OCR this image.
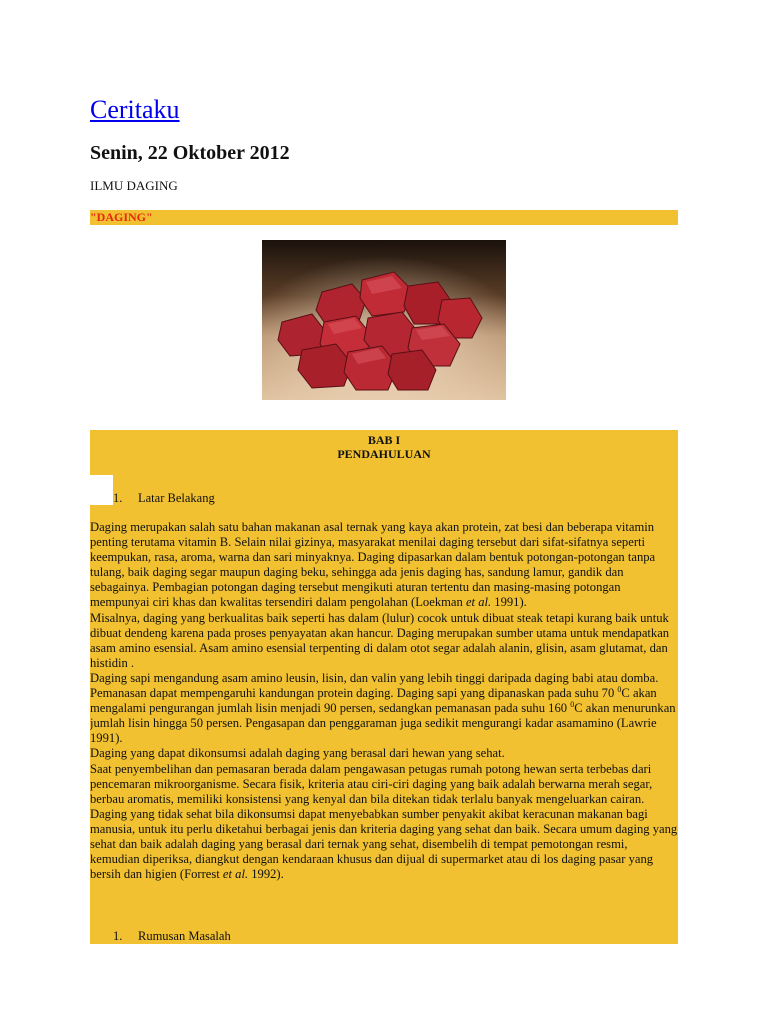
Ceritaku
Senin, 22 Oktober 2012
ILMU DAGING
"DAGING"
BAB I
PENDAHULUAN
1. Latar Belakang

Daging merupakan salah satu bahan makanan asal ternak yang kaya akan protein, zat besi dan beberapa vitamin penting terutama vitamin B. Selain nilai gizinya, masyarakat menilai daging tersebut dari sifat-sifatnya seperti keempukan, rasa, aroma, warna dan sari minyaknya. Daging dipasarkan dalam bentuk potongan-potongan tanpa tulang, baik daging segar maupun daging beku, sehingga ada jenis daging has, sandung lamur, gandik dan sebagainya. Pembagian potongan daging tersebut mengikuti aturan tertentu dan masing-masing potongan mempunyai ciri khas dan kwalitas tersendiri dalam pengolahan (Loekman et al. 1991).

Misalnya, daging yang berkualitas baik seperti has dalam (lulur) cocok untuk dibuat steak tetapi kurang baik untuk dibuat dendeng karena pada proses penyayatan akan hancur. Daging merupakan sumber utama untuk mendapatkan asam amino esensial. Asam amino esensial terpenting di dalam otot segar adalah alanin, glisin, asam glutamat, dan histidin .

Daging sapi mengandung asam amino leusin, lisin, dan valin yang lebih tinggi daripada daging babi atau domba. Pemanasan dapat mempengaruhi kandungan protein daging. Daging sapi yang dipanaskan pada suhu 70 $^0$C akan mengalami pengurangan jumlah lisin menjadi 90 persen, sedangkan pemanasan pada suhu 160 $^0$C akan menurunkan jumlah lisin hingga 50 persen. Pengasapan dan penggaraman juga sedikit mengurangi kadar asamamino (Lawrie 1991).

Daging yang dapat dikonsumsi adalah daging yang berasal dari hewan yang sehat.

Saat penyembelihan dan pemasaran berada dalam pengawasan petugas rumah potong hewan serta terbebas dari pencemaran mikroorganisme. Secara fisik, kriteria atau ciri-ciri daging yang baik adalah berwarna merah segar, berbau aromatis, memiliki konsistensi yang kenyal dan bila ditekan tidak terlalu banyak mengeluarkan cairan. Daging yang tidak sehat bila dikonsumsi dapat menyebabkan sumber penyakit akibat keracunan makanan bagi manusia, untuk itu perlu diketahui berbagai jenis dan kriteria daging yang sehat dan baik. Secara umum daging yang sehat dan baik adalah daging yang berasal dari ternak yang sehat, disembelih di tempat pemotongan resmi, kemudian diperiksa, diangkut dengan kendaraan khusus dan dijual di supermarket atau di los daging pasar yang bersih dan higien (Forrest et al. 1992).

1. Rumusan Masalah
